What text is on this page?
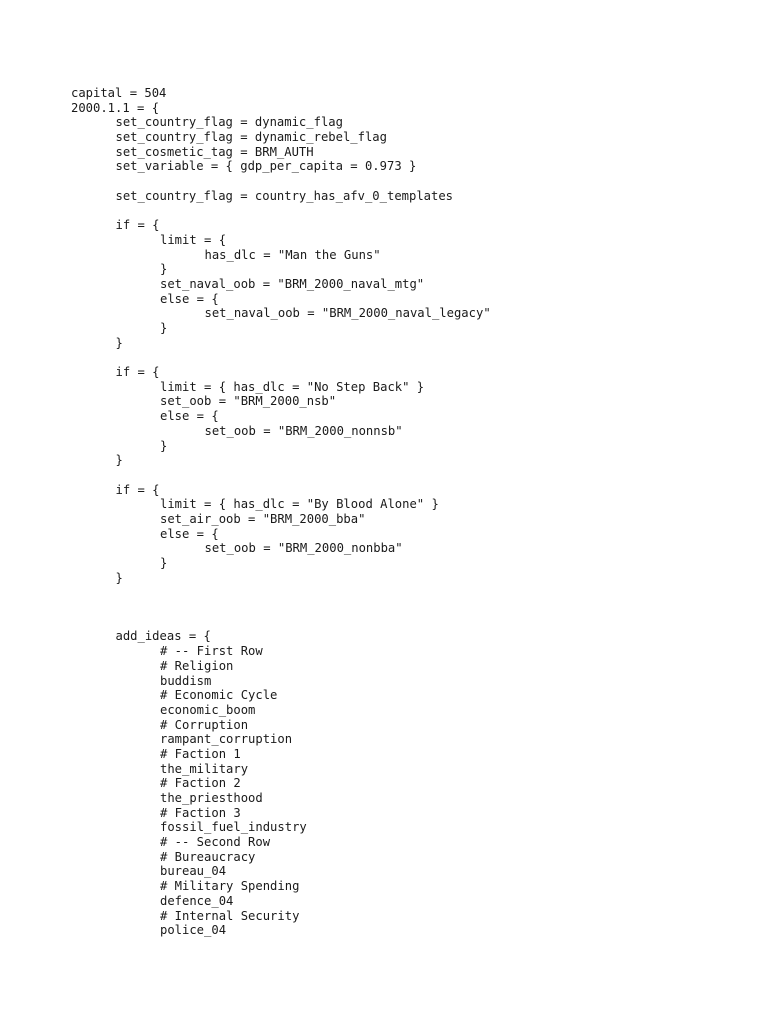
capital = 504
2000.1.1 = {
set_country_flag = dynamic_flag
set_country_flag = dynamic_rebel_flag
set_cosmetic_tag = BRM_AUTH
set_variable = { gdp_per_capita = 0.973 }
set_country_flag = country_has_afv_0_templates
if = {
limit = {
has_dlc = "Man the Guns"
}
set_naval_oob = "BRM_2000_naval_mtg"
else = {
set_naval_oob = "BRM_2000_naval_legacy"
}
}
if = {
limit = { has_dlc = "No Step Back" }
set_oob = "BRM_2000_nsb"
else = {
set_oob = "BRM_2000_nonnsb"
}
}
if = {
limit = { has_dlc = "By Blood Alone" }
set_air_oob = "BRM_2000_bba"
else = {
set_oob = "BRM_2000_nonbba"
}
}
add_ideas = {
# -- First Row
# Religion
buddism
# Economic Cycle
economic_boom
# Corruption
rampant_corruption
# Faction 1
the_military
# Faction 2
the_priesthood
# Faction 3
fossil_fuel_industry
# -- Second Row
# Bureaucracy
bureau_04
# Military Spending
defence_04
# Internal Security
police_04
